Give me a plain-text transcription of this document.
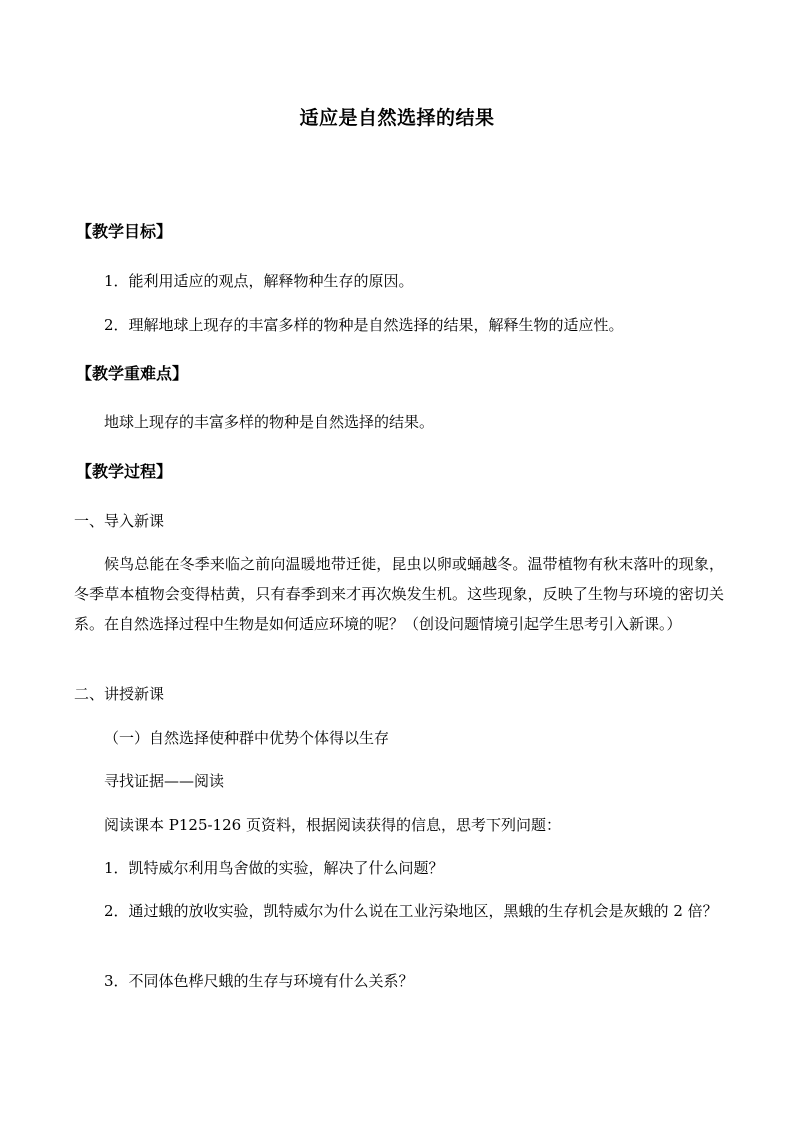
适应是自然选择的结果
【教学目标】
1．能利用适应的观点，解释物种生存的原因。
2．理解地球上现存的丰富多样的物种是自然选择的结果，解释生物的适应性。
【教学重难点】
地球上现存的丰富多样的物种是自然选择的结果。
【教学过程】
一、导入新课
候鸟总能在冬季来临之前向温暖地带迁徙，昆虫以卵或蛹越冬。温带植物有秋末落叶的现象，冬季草本植物会变得枯黄，只有春季到来才再次焕发生机。这些现象，反映了生物与环境的密切关系。在自然选择过程中生物是如何适应环境的呢？（创设问题情境引起学生思考引入新课。）
二、讲授新课
（一）自然选择使种群中优势个体得以生存
寻找证据——阅读
阅读课本 P125-126 页资料，根据阅读获得的信息，思考下列问题：
1．凯特威尔利用鸟舍做的实验，解决了什么问题？
2．通过蛾的放收实验，凯特威尔为什么说在工业污染地区，黑蛾的生存机会是灰蛾的 2 倍？
3．不同体色桦尺蛾的生存与环境有什么关系？
